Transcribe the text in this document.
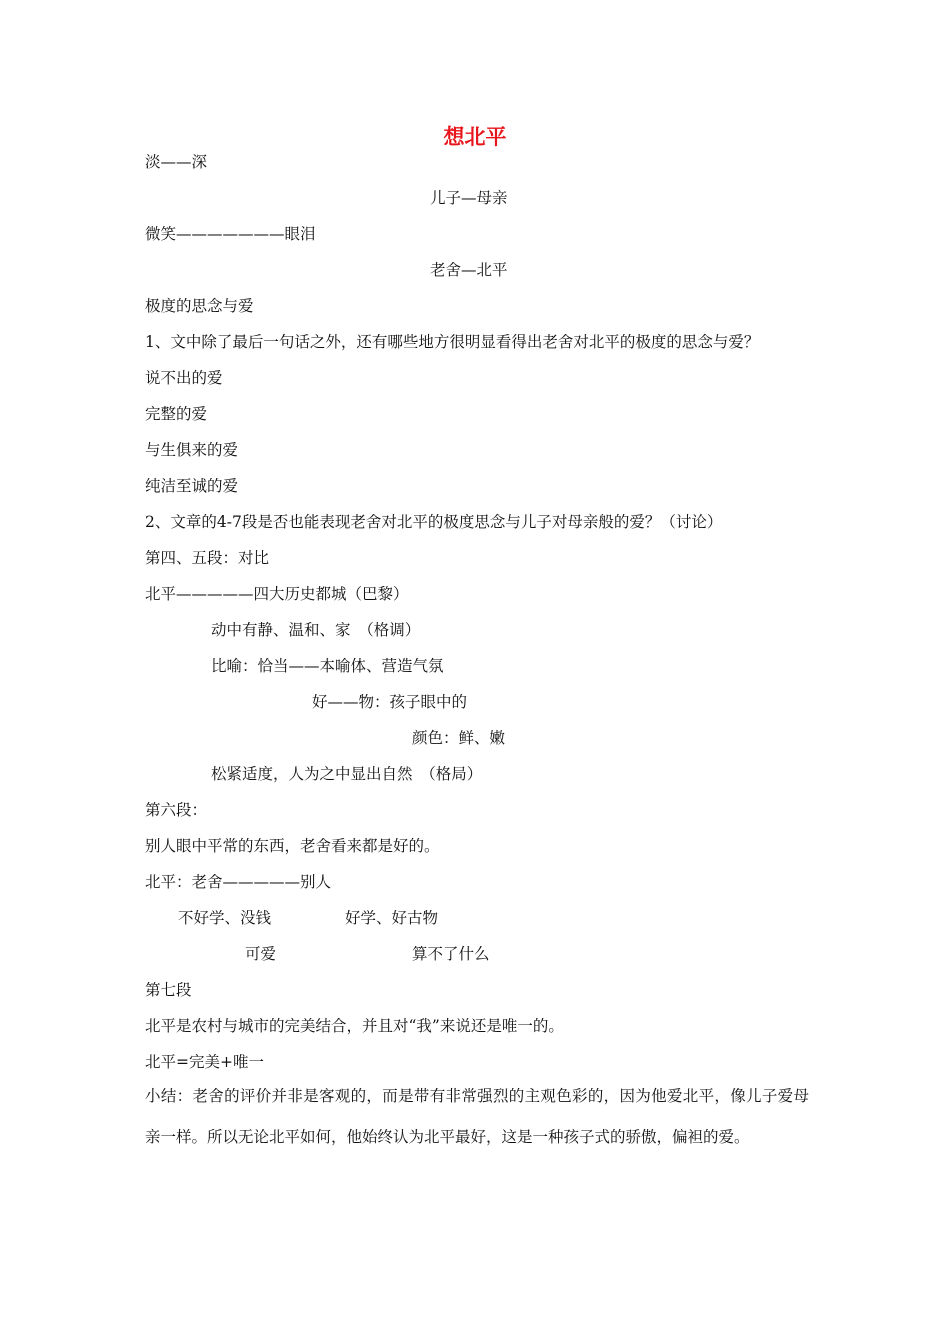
想北平

淡——深

儿子—母亲

微笑———————眼泪

老舍—北平

极度的思念与爱

1、文中除了最后一句话之外，还有哪些地方很明显看得出老舍对北平的极度的思念与爱？

说不出的爱

完整的爱

与生俱来的爱

纯洁至诚的爱

2、文章的4-7段是否也能表现老舍对北平的极度思念与儿子对母亲般的爱？（讨论）

第四、五段：对比

北平—————四大历史都城（巴黎）

动中有静、温和、家　（格调）

比喻：恰当——本喻体、营造气氛

好——物：孩子眼中的

颜色：鲜、嫩

松紧适度，人为之中显出自然　（格局）

第六段：

别人眼中平常的东西，老舍看来都是好的。

北平：老舍—————别人

不好学、没钱	好学、好古物

可爱	算不了什么

第七段

北平是农村与城市的完美结合，并且对“我”来说还是唯一的。

北平=完美+唯一

小结：老舍的评价并非是客观的，而是带有非常强烈的主观色彩的，因为他爱北平，像儿子爱母亲一样。所以无论北平如何，他始终认为北平最好，这是一种孩子式的骄傲，偏袒的爱。
